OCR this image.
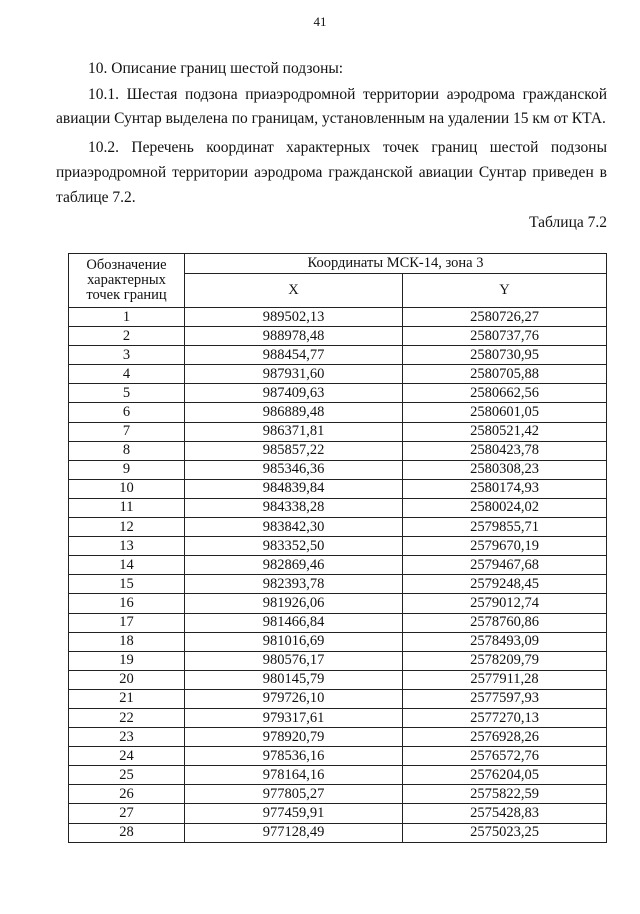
41
10. Описание границ шестой подзоны:
10.1. Шестая подзона приаэродромной территории аэродрома гражданской
авиации Сунтар выделена по границам, установленным на удалении 15 км от КТА.
10.2. Перечень координат характерных точек границ шестой подзоны
приаэродромной территории аэродрома гражданской авиации Сунтар приведен в
таблице 7.2.
Таблица 7.2
Обозначение
характерных
точек границ	Координаты МСК-14, зона 3	
	X	Y
1	989502,13	2580726,27
2	988978,48	2580737,76
3	988454,77	2580730,95
4	987931,60	2580705,88
5	987409,63	2580662,56
6	986889,48	2580601,05
7	986371,81	2580521,42
8	985857,22	2580423,78
9	985346,36	2580308,23
10	984839,84	2580174,93
11	984338,28	2580024,02
12	983842,30	2579855,71
13	983352,50	2579670,19
14	982869,46	2579467,68
15	982393,78	2579248,45
16	981926,06	2579012,74
17	981466,84	2578760,86
18	981016,69	2578493,09
19	980576,17	2578209,79
20	980145,79	2577911,28
21	979726,10	2577597,93
22	979317,61	2577270,13
23	978920,79	2576928,26
24	978536,16	2576572,76
25	978164,16	2576204,05
26	977805,27	2575822,59
27	977459,91	2575428,83
28	977128,49	2575023,25
